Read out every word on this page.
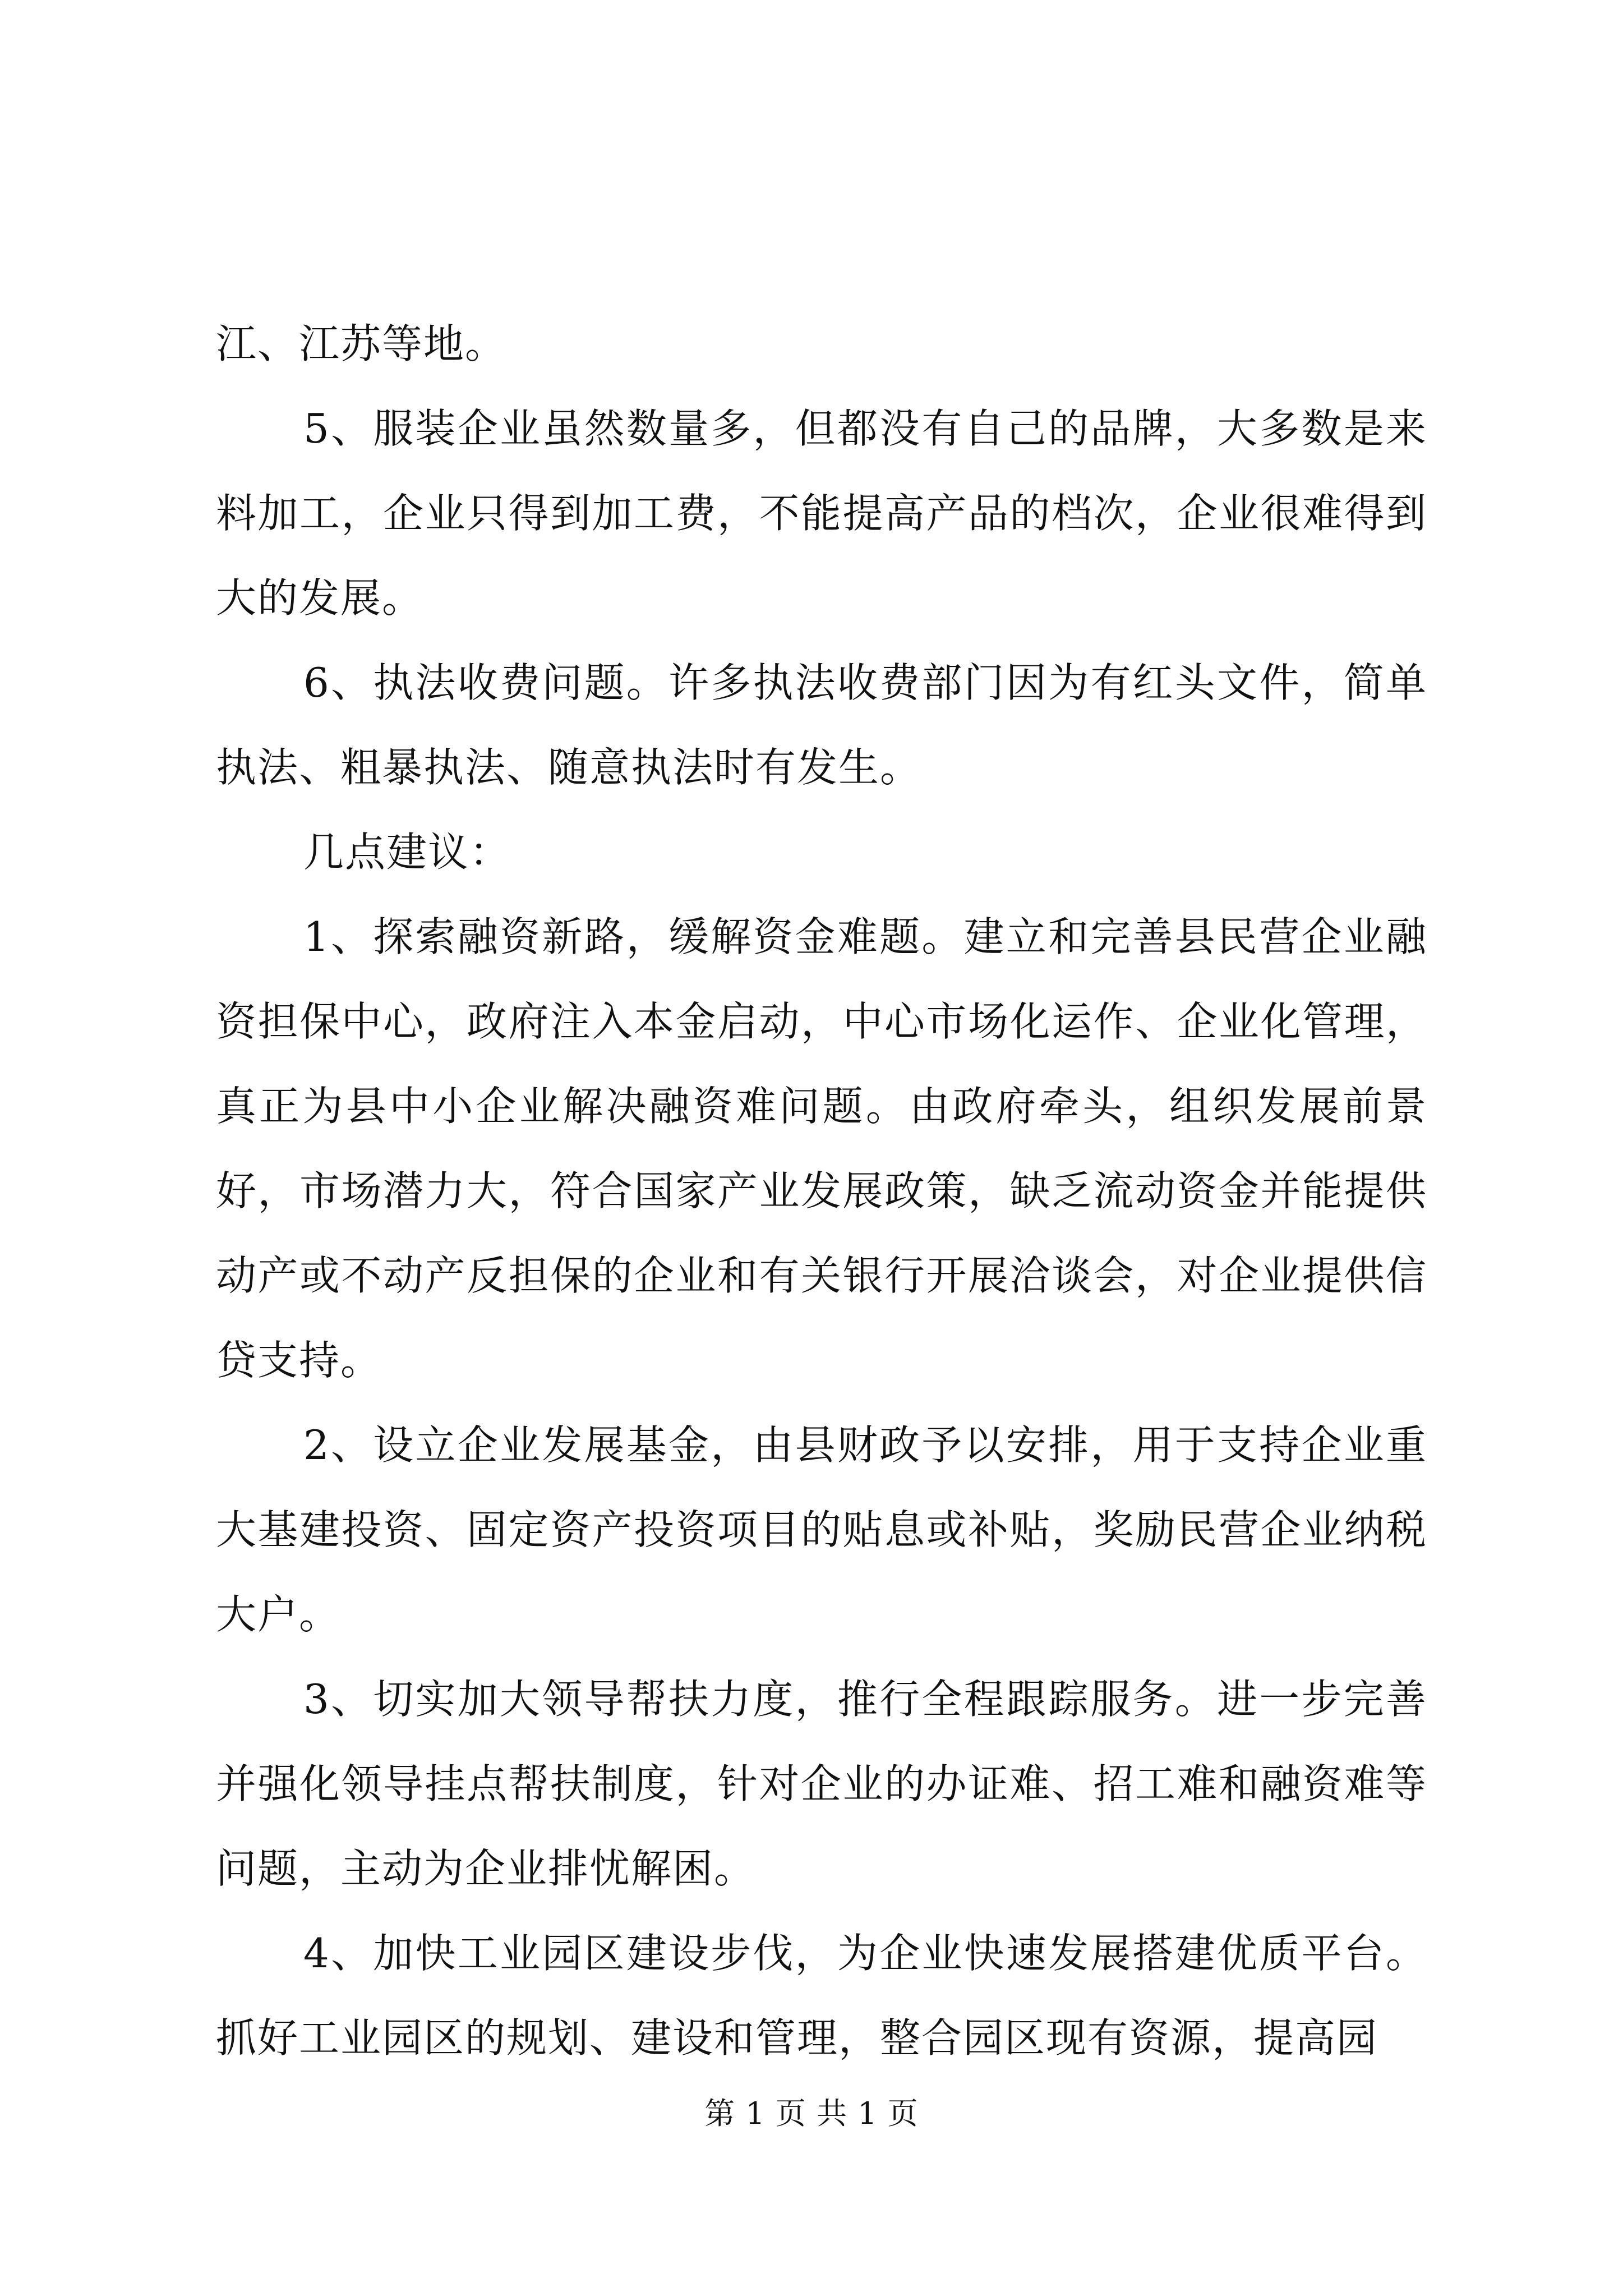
江、江苏等地。

5、服装企业虽然数量多，但都没有自己的品牌，大多数是来料加工，企业只得到加工费，不能提高产品的档次，企业很难得到大的发展。

6、执法收费问题。许多执法收费部门因为有红头文件，简单执法、粗暴执法、随意执法时有发生。

几点建议：

1、探索融资新路，缓解资金难题。建立和完善县民营企业融资担保中心，政府注入本金启动，中心市场化运作、企业化管理，真正为县中小企业解决融资难问题。由政府牵头，组织发展前景好，市场潜力大，符合国家产业发展政策，缺乏流动资金并能提供动产或不动产反担保的企业和有关银行开展洽谈会，对企业提供信贷支持。

2、设立企业发展基金，由县财政予以安排，用于支持企业重大基建投资、固定资产投资项目的贴息或补贴，奖励民营企业纳税大户。

3、切实加大领导帮扶力度，推行全程跟踪服务。进一步完善并强化领导挂点帮扶制度，针对企业的办证难、招工难和融资难等问题，主动为企业排忧解困。

4、加快工业园区建设步伐，为企业快速发展搭建优质平台。抓好工业园区的规划、建设和管理，整合园区现有资源，提高园

第 1 页 共 1 页
